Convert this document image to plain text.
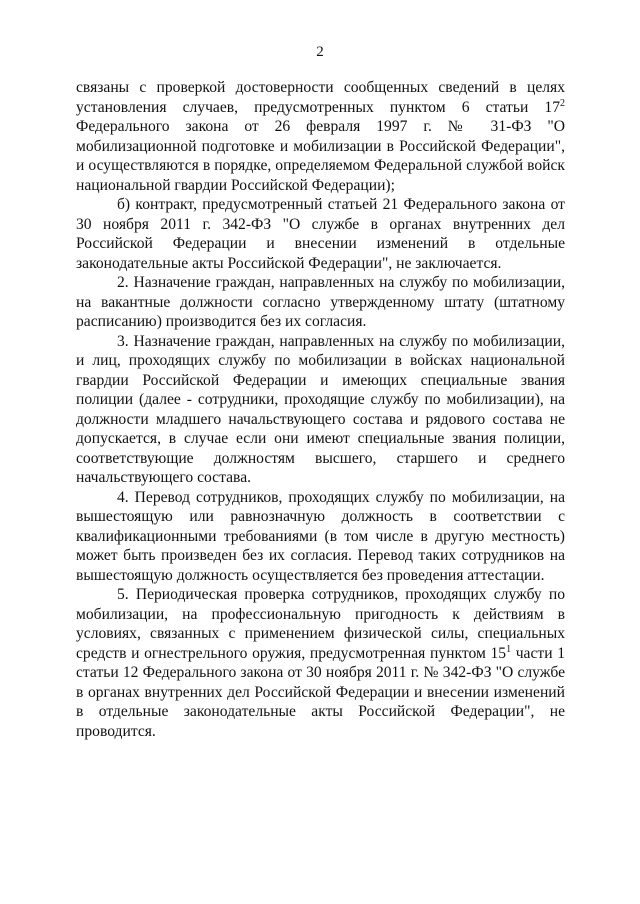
2

связаны с проверкой достоверности сообщенных сведений в целях установления случаев, предусмотренных пунктом 6 статьи $17^2$ Федерального закона от 26 февраля 1997 г. № 31-ФЗ "О мобилизационной подготовке и мобилизации в Российской Федерации", и осуществляются в порядке, определяемом Федеральной службой войск национальной гвардии Российской Федерации);

б) контракт, предусмотренный статьей 21 Федерального закона от 30 ноября 2011 г. 342-ФЗ "О службе в органах внутренних дел Российской Федерации и внесении изменений в отдельные законодательные акты Российской Федерации", не заключается.

2. Назначение граждан, направленных на службу по мобилизации, на вакантные должности согласно утвержденному штату (штатному расписанию) производится без их согласия.

3. Назначение граждан, направленных на службу по мобилизации, и лиц, проходящих службу по мобилизации в войсках национальной гвардии Российской Федерации и имеющих специальные звания полиции (далее - сотрудники, проходящие службу по мобилизации), на должности младшего начальствующего состава и рядового состава не допускается, в случае если они имеют специальные звания полиции, соответствующие должностям высшего, старшего и среднего начальствующего состава.

4. Перевод сотрудников, проходящих службу по мобилизации, на вышестоящую или равнозначную должность в соответствии с квалификационными требованиями (в том числе в другую местность) может быть произведен без их согласия. Перевод таких сотрудников на вышестоящую должность осуществляется без проведения аттестации.

5. Периодическая проверка сотрудников, проходящих службу по мобилизации, на профессиональную пригодность к действиям в условиях, связанных с применением физической силы, специальных средств и огнестрельного оружия, предусмотренная пунктом $15^1$ части 1 статьи 12 Федерального закона от 30 ноября 2011 г. № 342-ФЗ "О службе в органах внутренних дел Российской Федерации и внесении изменений в отдельные законодательные акты Российской Федерации", не проводится.
